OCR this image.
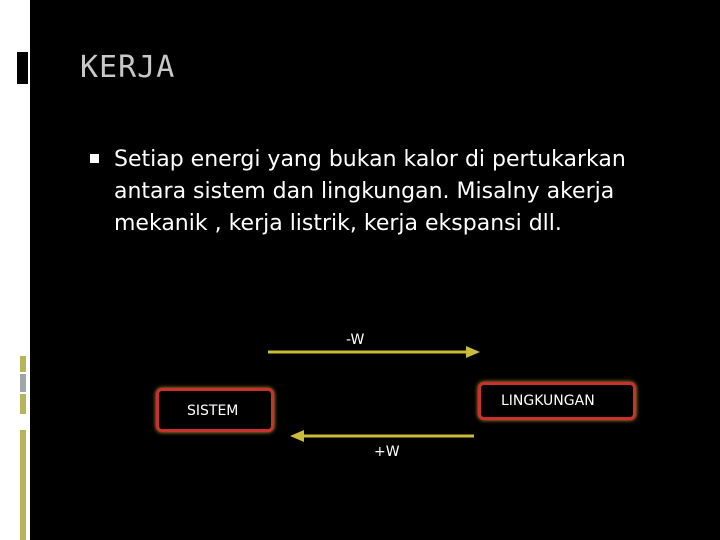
KERJA
Setiap energi yang bukan kalor di pertukarkan antara sistem dan lingkungan. Misalny akerja mekanik , kerja listrik, kerja ekspansi dll.
-W
+W
SISTEM
LINGKUNGAN
